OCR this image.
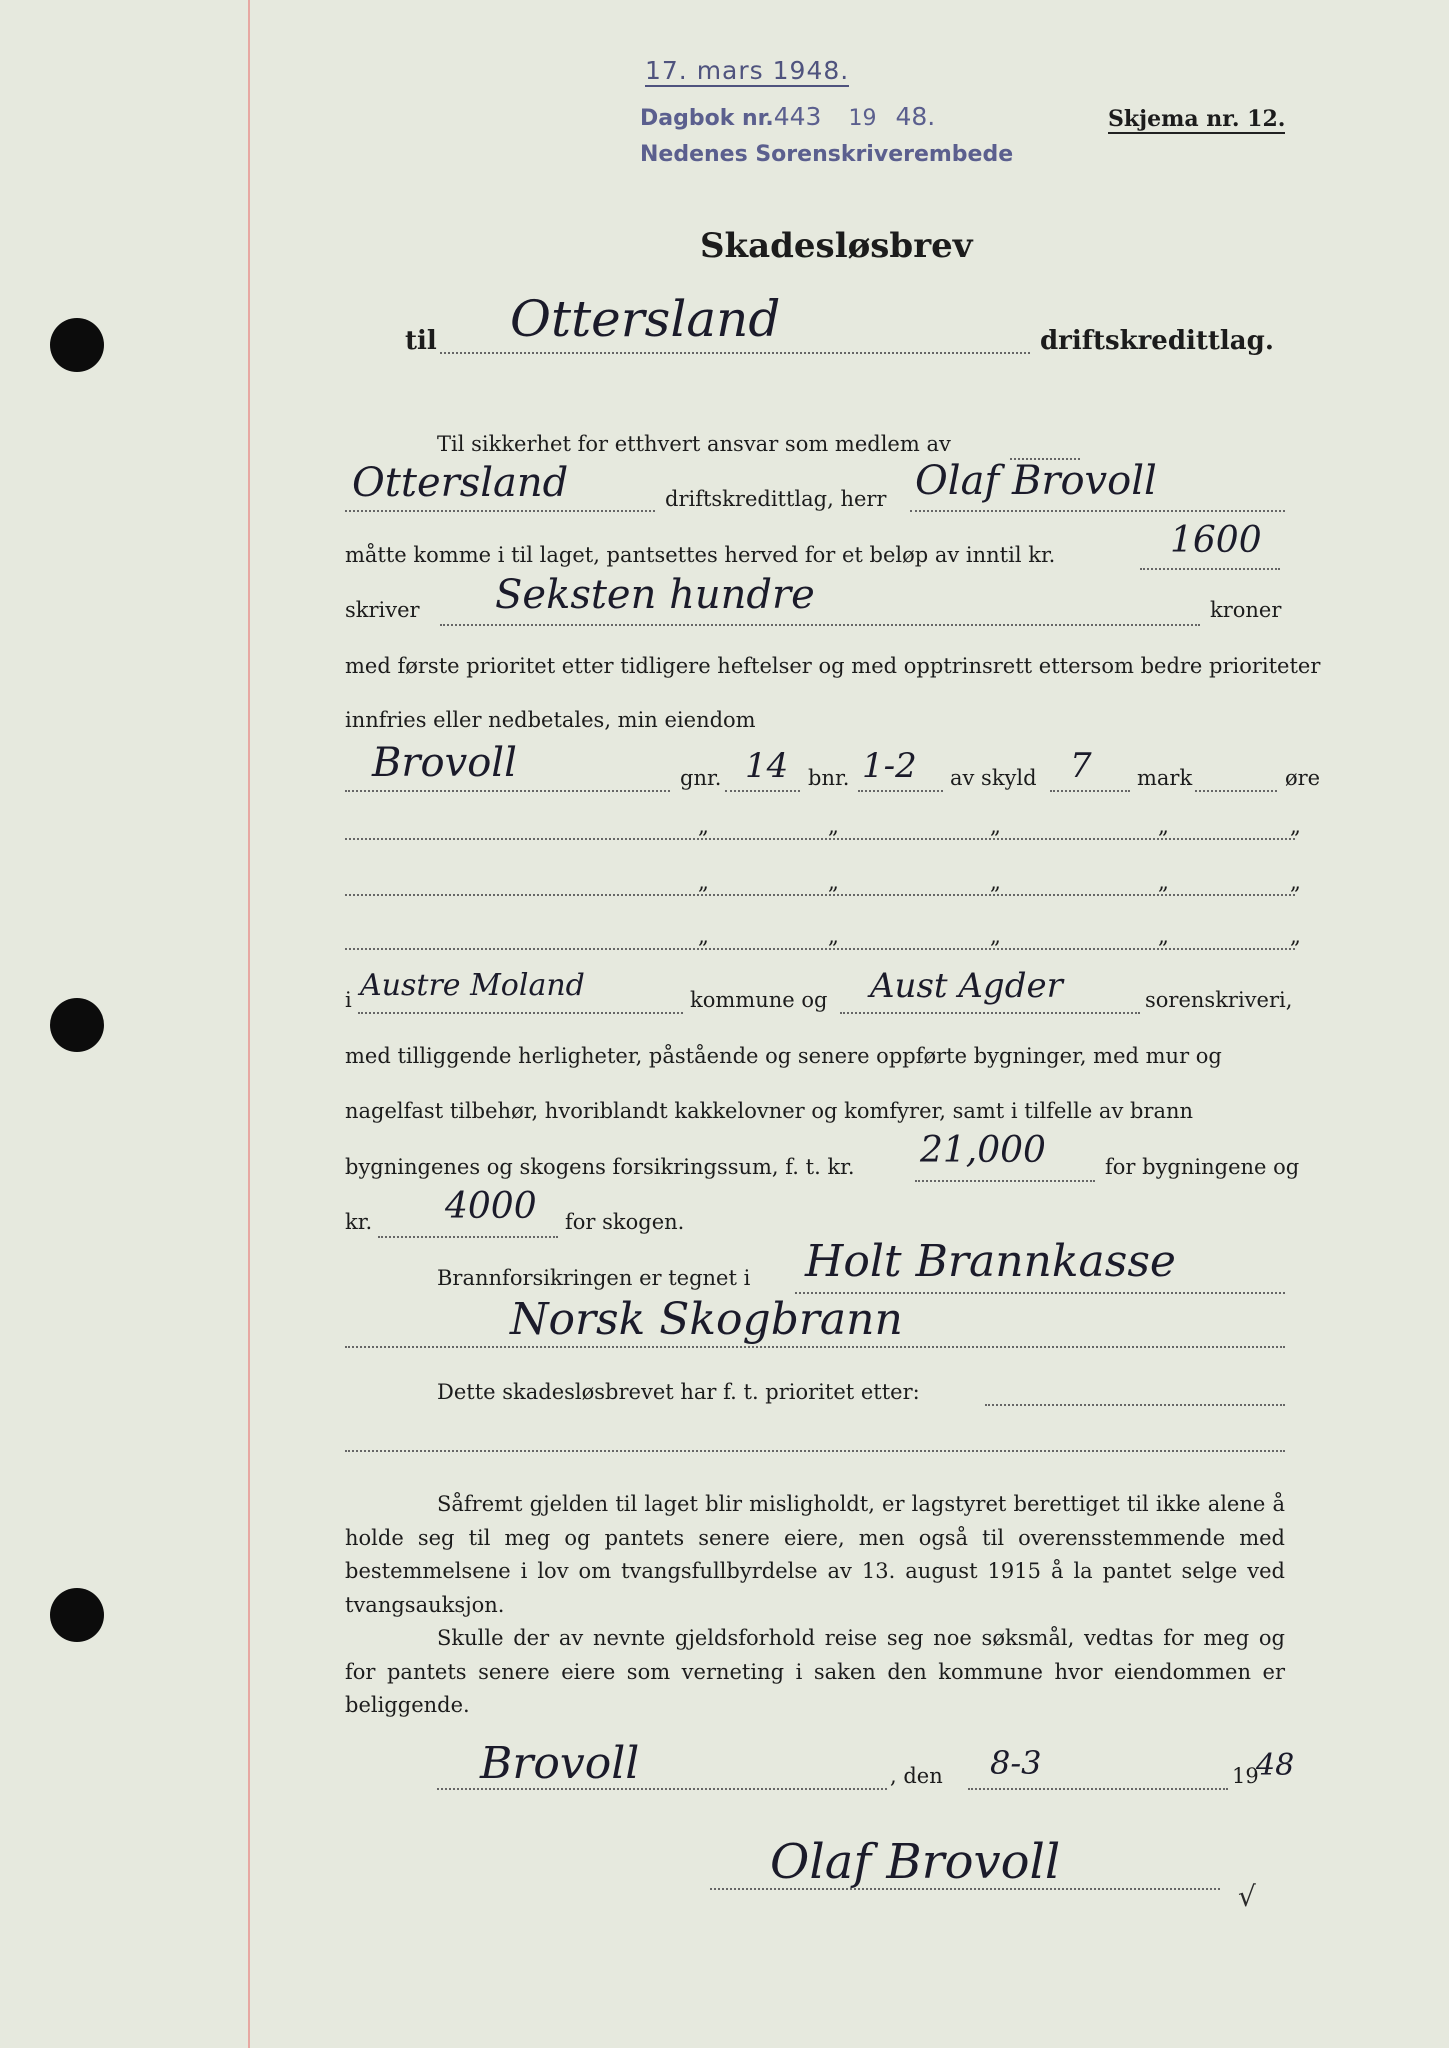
17. mars 1948.
Dagbok nr.443 19 48.
Nedenes Sorenskriverembede
Skjema nr. 12.
Skadesløsbrev
til Ottersland	driftskredittlag.
Til sikkerhet for etthvert ansvar som medlem av
Ottersland	driftskredittlag, herr Olaf Brovoll
måtte komme i til laget, pantsettes herved for et beløp av inntil kr.	1600
skriver Seksten hundre	kroner
med første prioritet etter tidligere heftelser og med opptrinsrett ettersom bedre prioriteter
innfries eller nedbetales, min eiendom
Brovoll	gnr. 14 bnr. 1-2 av skyld 7 mark	øre
„	„	„	„	„
„	„	„	„	„
„	„	„	„	„
i Austre Moland	kommune og Aust Agder	sorenskriveri,
med tilliggende herligheter, påstående og senere oppførte bygninger, med mur og
nagelfast tilbehør, hvoriblandt kakkelovner og komfyrer, samt i tilfelle av brann
bygningenes og skogens forsikringssum, f. t. kr. 21,000	for bygningene og
kr. 4000 for skogen.
Brannforsikringen er tegnet i Holt Brannkasse
Norsk Skogbrann
Dette skadesløsbrevet har f. t. prioritet etter:
Såfremt gjelden til laget blir misligholdt, er lagstyret berettiget til ikke alene å holde seg til meg og pantets senere eiere, men også til overensstemmende med bestemmelsene i lov om tvangsfullbyrdelse av 13. august 1915 å la pantet selge ved tvangsauksjon.
Skulle der av nevnte gjeldsforhold reise seg noe søksmål, vedtas for meg og for pantets senere eiere som verneting i saken den kommune hvor eiendommen er beliggende.
Brovoll	, den 8-3	19
48
Olaf Brovoll
√
